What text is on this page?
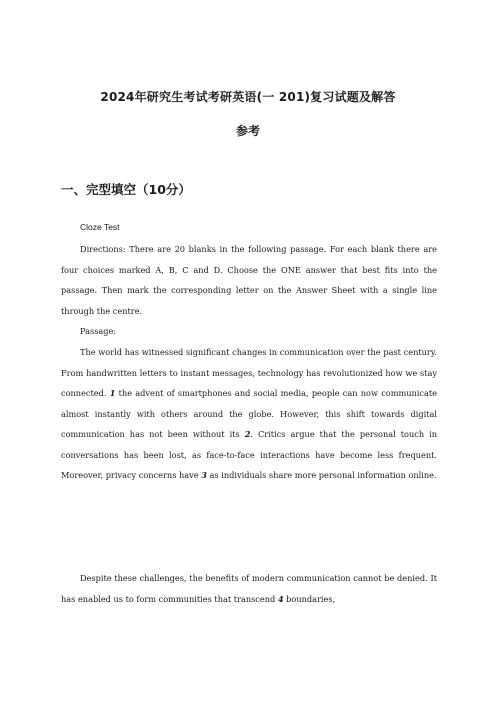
2024年研究生考试考研英语(一 201)复习试题及解答
参考
一、完型填空（10分）
Cloze Test

Directions: There are 20 blanks in the following passage. For each blank there are four choices marked A, B, C and D. Choose the ONE answer that best fits into the passage. Then mark the corresponding letter on the Answer Sheet with a single line through the centre.

Passage:

The world has witnessed significant changes in communication over the past century. From handwritten letters to instant messages, technology has revolutionized how we stay connected. 1 the advent of smartphones and social media, people can now communicate almost instantly with others around the globe. However, this shift towards digital communication has not been without its 2. Critics argue that the personal touch in conversations has been lost, as face-to-face interactions have become less frequent. Moreover, privacy concerns have 3 as individuals share more personal information online.

Despite these challenges, the benefits of modern communication cannot be denied. It has enabled us to form communities that transcend 4 boundaries,
